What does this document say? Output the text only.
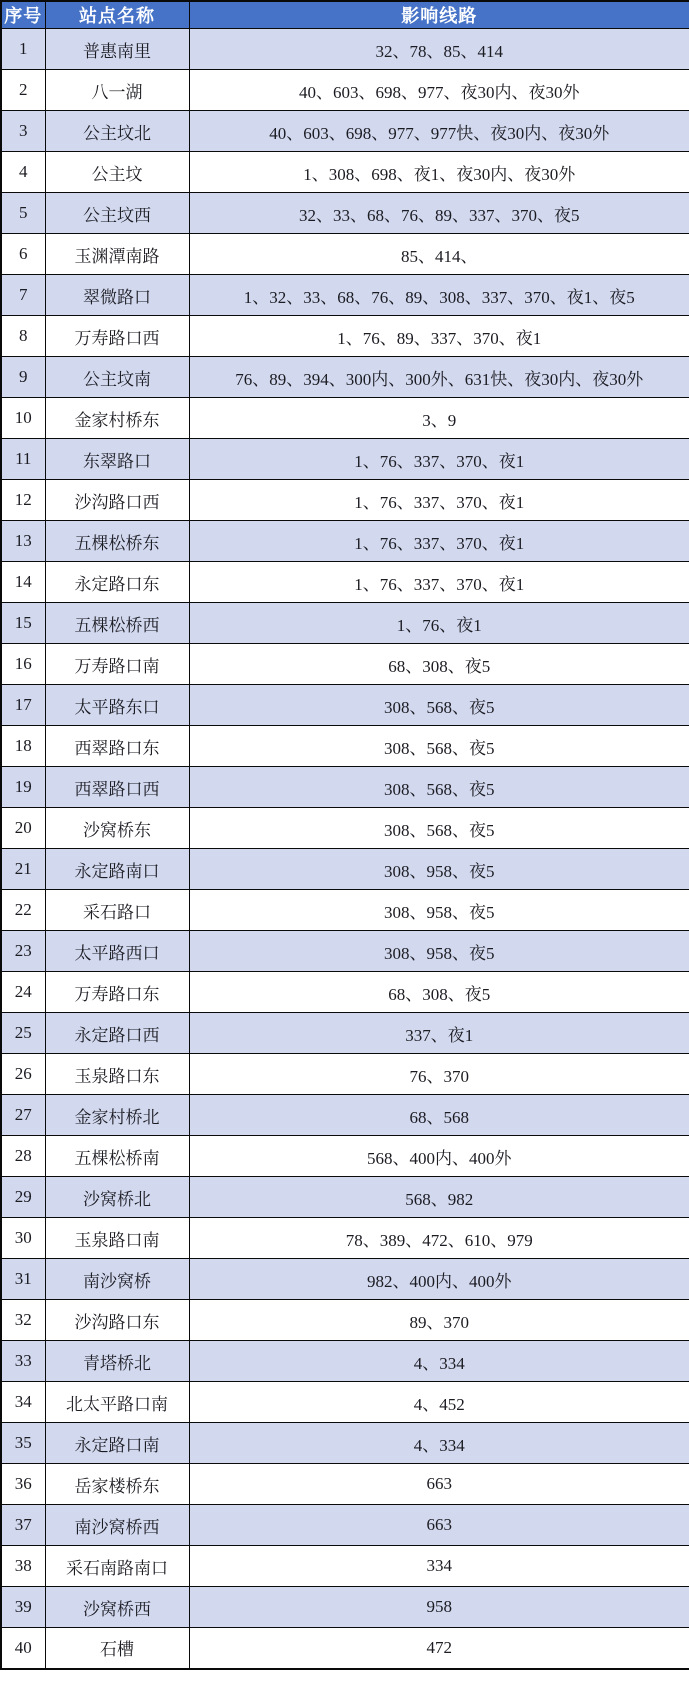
序号	站点名称	影响线路
1	普惠南里	32、78、85、414
2	八一湖	40、603、698、977、夜30内、夜30外
3	公主坟北	40、603、698、977、977快、夜30内、夜30外
4	公主坟	1、308、698、夜1、夜30内、夜30外
5	公主坟西	32、33、68、76、89、337、370、夜5
6	玉渊潭南路	85、414、
7	翠微路口	1、32、33、68、76、89、308、337、370、夜1、夜5
8	万寿路口西	1、76、89、337、370、夜1
9	公主坟南	76、89、394、300内、300外、631快、夜30内、夜30外
10	金家村桥东	3、9
11	东翠路口	1、76、337、370、夜1
12	沙沟路口西	1、76、337、370、夜1
13	五棵松桥东	1、76、337、370、夜1
14	永定路口东	1、76、337、370、夜1
15	五棵松桥西	1、76、夜1
16	万寿路口南	68、308、夜5
17	太平路东口	308、568、夜5
18	西翠路口东	308、568、夜5
19	西翠路口西	308、568、夜5
20	沙窝桥东	308、568、夜5
21	永定路南口	308、958、夜5
22	采石路口	308、958、夜5
23	太平路西口	308、958、夜5
24	万寿路口东	68、308、夜5
25	永定路口西	337、夜1
26	玉泉路口东	76、370
27	金家村桥北	68、568
28	五棵松桥南	568、400内、400外
29	沙窝桥北	568、982
30	玉泉路口南	78、389、472、610、979
31	南沙窝桥	982、400内、400外
32	沙沟路口东	89、370
33	青塔桥北	4、334
34	北太平路口南	4、452
35	永定路口南	4、334
36	岳家楼桥东	663
37	南沙窝桥西	663
38	采石南路南口	334
39	沙窝桥西	958
40	石槽	472
